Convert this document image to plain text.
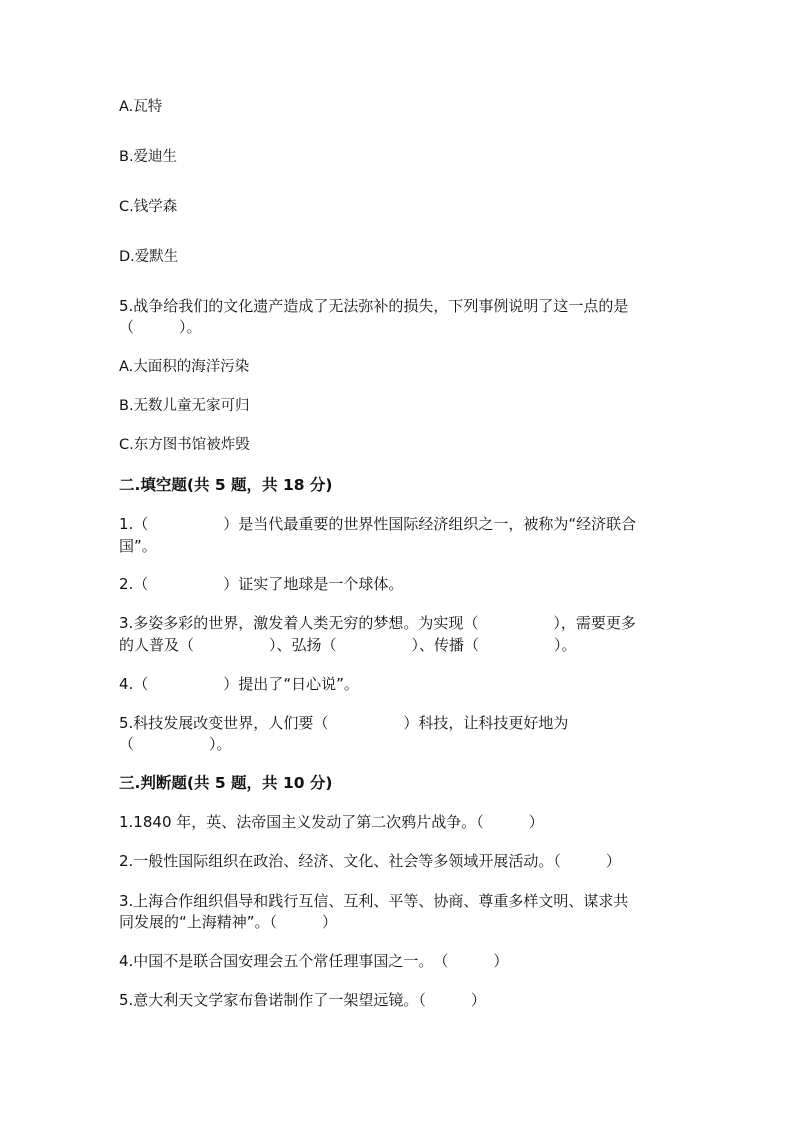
A.瓦特
B.爱迪生
C.钱学森
D.爱默生
5.战争给我们的文化遗产造成了无法弥补的损失，下列事例说明了这一点的是
（　　　）。
A.大面积的海洋污染
B.无数儿童无家可归
C.东方图书馆被炸毁
二.填空题(共 5 题，共 18 分)
1.（　　　　　）是当代最重要的世界性国际经济组织之一，被称为“经济联合
国”。
2.（　　　　　）证实了地球是一个球体。
3.多姿多彩的世界，激发着人类无穷的梦想。为实现（　　　　　），需要更多
的人普及（　　　　　）、弘扬（　　　　　）、传播（　　　　　）。
4.（　　　　　）提出了“日心说”。
5.科技发展改变世界，人们要（　　　　　）科技，让科技更好地为
（　　　　　）。
三.判断题(共 5 题，共 10 分)
1.1840 年，英、法帝国主义发动了第二次鸦片战争。（　　　）
2.一般性国际组织在政治、经济、文化、社会等多领域开展活动。（　　　）
3.上海合作组织倡导和践行互信、互利、平等、协商、尊重多样文明、谋求共
同发展的“上海精神”。（　　　）
4.中国不是联合国安理会五个常任理事国之一。　（　　　）
5.意大利天文学家布鲁诺制作了一架望远镜。（　　　）
